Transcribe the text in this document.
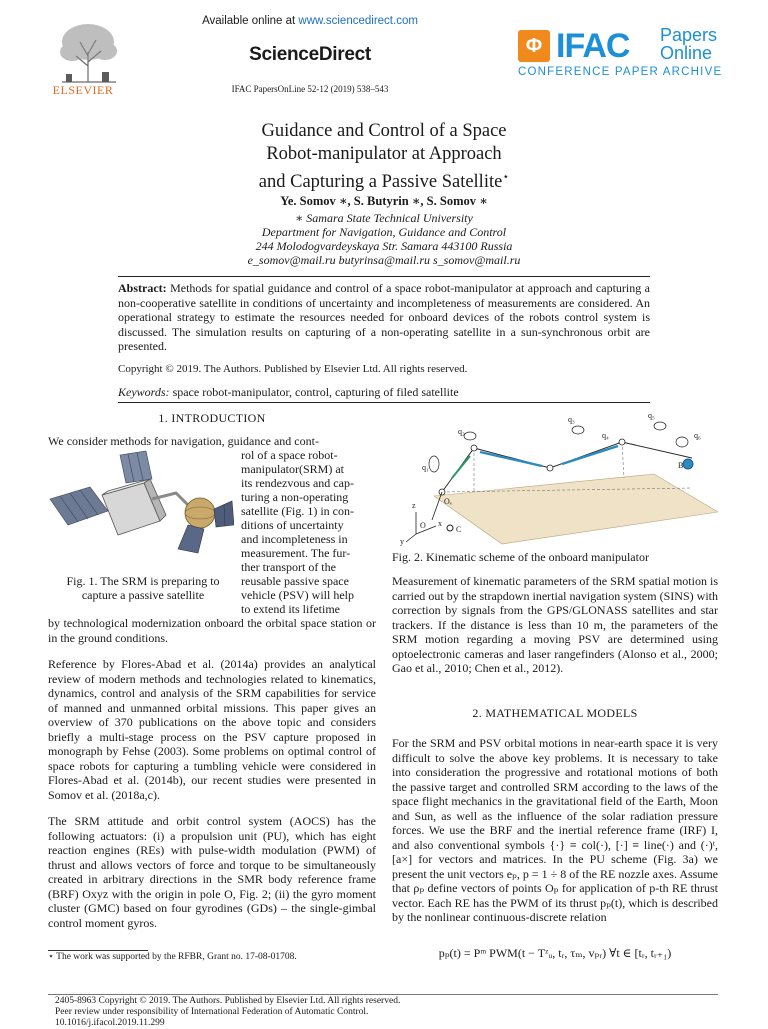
Available online at www.sciencedirect.com
ScienceDirect
IFAC PapersOnLine 52-12 (2019) 538–543
ELSEVIER
Φ IFAC Papers
Online
CONFERENCE PAPER ARCHIVE
Guidance and Control of a Space
Robot-manipulator at Approach
and Capturing a Passive Satellite⋆
Ye. Somov ∗, S. Butyrin ∗, S. Somov ∗
∗ Samara State Technical University
Department for Navigation, Guidance and Control
244 Molodogvardeyskaya Str. Samara 443100 Russia
e_somov@mail.ru butyrinsa@mail.ru s_somov@mail.ru
Abstract: Methods for spatial guidance and control of a space robot-manipulator at approach and capturing a non-cooperative satellite in conditions of uncertainty and incompleteness of measurements are considered. An operational strategy to estimate the resources needed for onboard devices of the robots control system is discussed. The simulation results on capturing of a non-operating satellite in a sun-synchronous orbit are presented.
Copyright © 2019. The Authors. Published by Elsevier Ltd. All rights reserved.
Keywords: space robot-manipulator, control, capturing of filed satellite
1. INTRODUCTION
We consider methods for navigation, guidance and cont-
rol of a space robot-
manipulator(SRM) at
its rendezvous and cap-
turing a non-operating
satellite (Fig. 1) in con-
ditions of uncertainty
and incompleteness in
measurement. The fur-
ther transport of the
reusable passive space
vehicle (PSV) will help
to extend its lifetime
Fig. 1. The SRM is preparing to
capture a passive satellite
by technological modernization onboard the orbital space station or in the ground conditions.
Reference by Flores-Abad et al. (2014a) provides an analytical review of modern methods and technologies related to kinematics, dynamics, control and analysis of the SRM capabilities for service of manned and unmanned orbital missions. This paper gives an overview of 370 publications on the above topic and considers briefly a multi-stage process on the PSV capture proposed in monograph by Fehse (2003). Some problems on optimal control of space robots for capturing a tumbling vehicle were considered in Flores-Abad et al. (2014b), our recent studies were presented in Somov et al. (2018a,c).
The SRM attitude and orbit control system (AOCS) has the following actuators: (i) a propulsion unit (PU), which has eight reaction engines (REs) with pulse-width modulation (PWM) of thrust and allows vectors of force and torque to be simultaneously created in arbitrary directions in the SMR body reference frame (BRF) Oxyz with the origin in pole O, Fig. 2; (ii) the gyro moment cluster (GMC) based on four gyrodines (GDs) – the single-gimbal control moment gyros.
⋆ The work was supported by the RFBR, Grant no. 17-08-01708.
q₁
q₂
q₃
q₄
q₅
q₆
O x
y
z
C
B
Oₑ
Fig. 2. Kinematic scheme of the onboard manipulator
Measurement of kinematic parameters of the SRM spatial motion is carried out by the strapdown inertial navigation system (SINS) with correction by signals from the GPS/GLONASS satellites and star trackers. If the distance is less than 10 m, the parameters of the SRM motion regarding a moving PSV are determined using optoelectronic cameras and laser rangefinders (Alonso et al., 2000; Gao et al., 2010; Chen et al., 2012).
2. MATHEMATICAL MODELS
For the SRM and PSV orbital motions in near-earth space it is very difficult to solve the above key problems. It is necessary to take into consideration the progressive and rotational motions of both the passive target and controlled SRM according to the laws of the space flight mechanics in the gravitational field of the Earth, Moon and Sun, as well as the influence of the solar radiation pressure forces. We use the BRF and the inertial reference frame (IRF) I, and also conventional symbols {·} ≡ col(·), [·] ≡ line(·) and (·)ᵗ, [a×] for vectors and matrices. In the PU scheme (Fig. 3a) we present the unit vectors eₚ, p = 1 ÷ 8 of the RE nozzle axes. Assume that ρₚ define vectors of points Oₚ for application of p-th RE thrust vector. Each RE has the PWM of its thrust pₚ(t), which is described by the nonlinear continuous-discrete relation
pₚ(t) = Pᵐ PWM(t − Tᶻᵤ, tᵣ, τₘ, vₚᵣ) ∀t ∈ [tᵣ, tᵣ₊₁)
2405-8963 Copyright © 2019. The Authors. Published by Elsevier Ltd. All rights reserved.
Peer review under responsibility of International Federation of Automatic Control.
10.1016/j.ifacol.2019.11.299
